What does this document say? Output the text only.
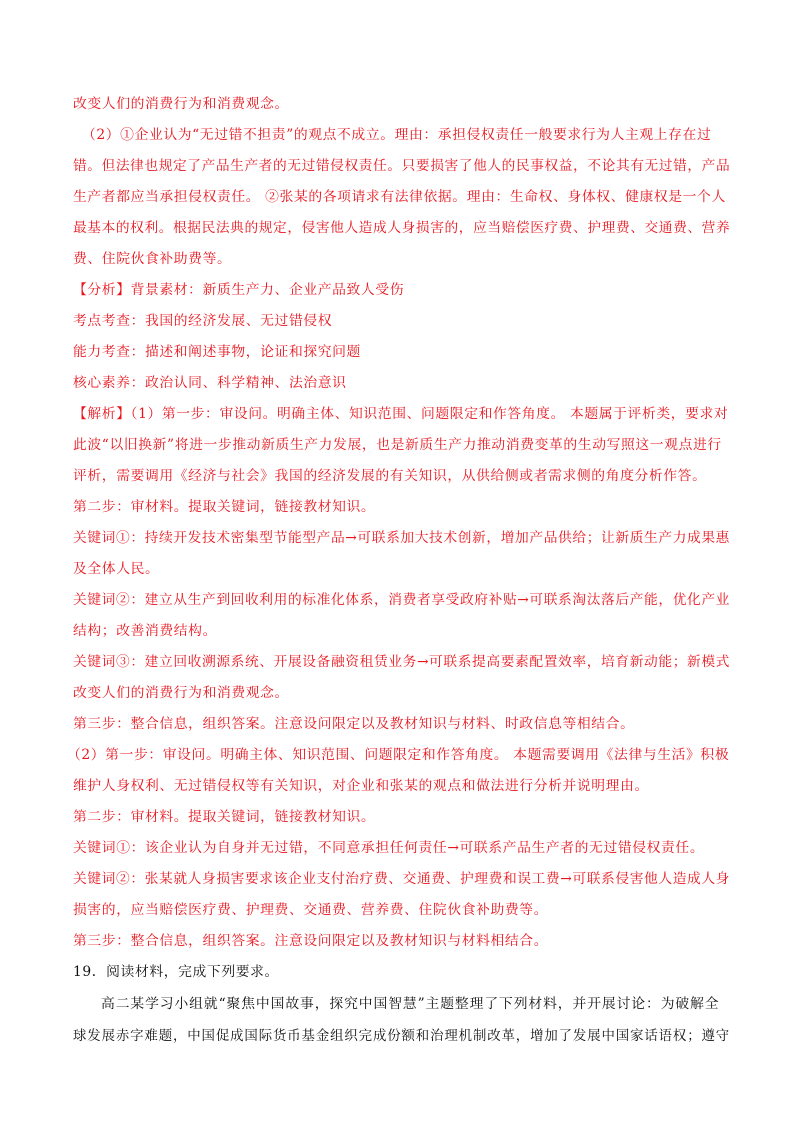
改变人们的消费行为和消费观念。
（2）①企业认为“无过错不担责”的观点不成立。理由：承担侵权责任一般要求行为人主观上存在过
错。但法律也规定了产品生产者的无过错侵权责任。只要损害了他人的民事权益，不论其有无过错，产品
生产者都应当承担侵权责任。 ②张某的各项请求有法律依据。理由：生命权、身体权、健康权是一个人
最基本的权利。根据民法典的规定，侵害他人造成人身损害的，应当赔偿医疗费、护理费、交通费、营养
费、住院伙食补助费等。
【分析】背景素材：新质生产力、企业产品致人受伤
考点考查：我国的经济发展、无过错侵权
能力考查：描述和阐述事物，论证和探究问题
核心素养：政治认同、科学精神、法治意识
【解析】（1）第一步：审设问。明确主体、知识范围、问题限定和作答角度。 本题属于评析类，要求对
此波“以旧换新”将进一步推动新质生产力发展，也是新质生产力推动消费变革的生动写照这一观点进行
评析，需要调用《经济与社会》我国的经济发展的有关知识，从供给侧或者需求侧的角度分析作答。
第二步：审材料。提取关键词，链接教材知识。
关键词①：持续开发技术密集型节能型产品→可联系加大技术创新，增加产品供给；让新质生产力成果惠
及全体人民。
关键词②：建立从生产到回收利用的标准化体系，消费者享受政府补贴→可联系淘汰落后产能，优化产业
结构；改善消费结构。
关键词③：建立回收溯源系统、开展设备融资租赁业务→可联系提高要素配置效率，培育新动能；新模式
改变人们的消费行为和消费观念。
第三步：整合信息，组织答案。注意设问限定以及教材知识与材料、时政信息等相结合。
（2）第一步：审设问。明确主体、知识范围、问题限定和作答角度。 本题需要调用《法律与生活》积极
维护人身权利、无过错侵权等有关知识，对企业和张某的观点和做法进行分析并说明理由。
第二步：审材料。提取关键词，链接教材知识。
关键词①：该企业认为自身并无过错，不同意承担任何责任→可联系产品生产者的无过错侵权责任。
关键词②：张某就人身损害要求该企业支付治疗费、交通费、护理费和误工费→可联系侵害他人造成人身
损害的，应当赔偿医疗费、护理费、交通费、营养费、住院伙食补助费等。
第三步：整合信息，组织答案。注意设问限定以及教材知识与材料相结合。
19．阅读材料，完成下列要求。
高二某学习小组就“聚焦中国故事，探究中国智慧”主题整理了下列材料，并开展讨论：为破解全
球发展赤字难题，中国促成国际货币基金组织完成份额和治理机制改革，增加了发展中国家话语权；遵守
